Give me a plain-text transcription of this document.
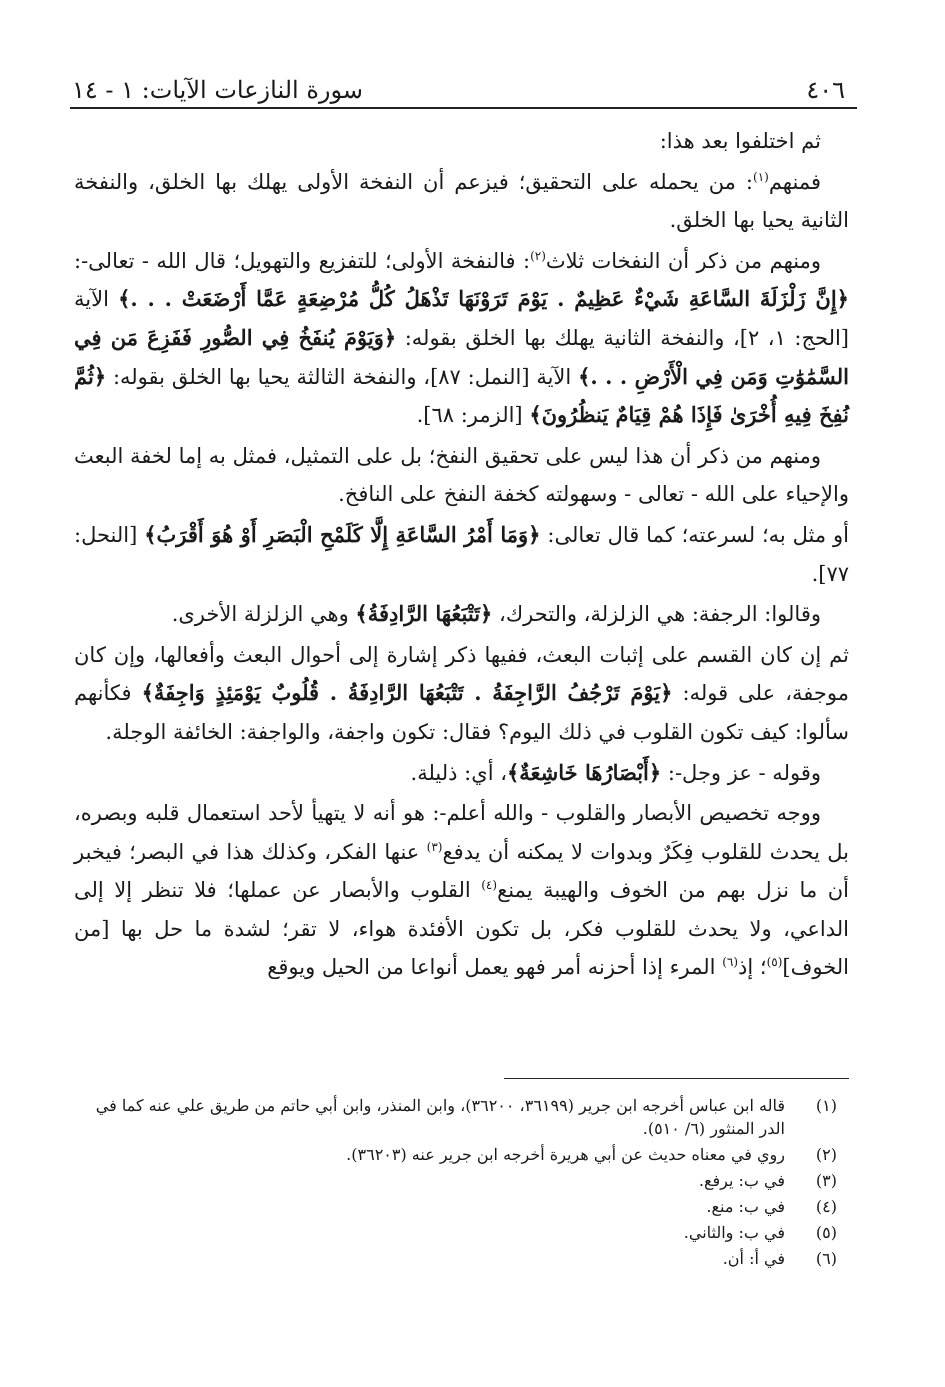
٤٠٦
سورة النازعات الآيات: ١ - ١٤

ثم اختلفوا بعد هذا:

فمنهم$^{(١)}$: من يحمله على التحقيق؛ فيزعم أن النفخة الأولى يهلك بها الخلق، والنفخة الثانية يحيا بها الخلق.

ومنهم من ذكر أن النفخات ثلاث$^{(٢)}$: فالنفخة الأولى؛ للتفزيع والتهويل؛ قال الله - تعالى-: ﴿إِنَّ زَلْزَلَةَ السَّاعَةِ شَيْءٌ عَظِيمٌ . يَوْمَ تَرَوْنَهَا تَذْهَلُ كُلُّ مُرْضِعَةٍ عَمَّا أَرْضَعَتْ . . .﴾ الآية [الحج: ١، ٢]، والنفخة الثانية يهلك بها الخلق بقوله: ﴿وَيَوْمَ يُنفَخُ فِي الصُّورِ فَفَزِعَ مَن فِي السَّمَٰوَٰتِ وَمَن فِي الْأَرْضِ . . .﴾ الآية [النمل: ٨٧]، والنفخة الثالثة يحيا بها الخلق بقوله: ﴿ثُمَّ نُفِخَ فِيهِ أُخْرَىٰ فَإِذَا هُمْ قِيَامٌ يَنظُرُونَ﴾ [الزمر: ٦٨].

ومنهم من ذكر أن هذا ليس على تحقيق النفخ؛ بل على التمثيل، فمثل به إما لخفة البعث والإحياء على الله - تعالى - وسهولته كخفة النفخ على النافخ.

أو مثل به؛ لسرعته؛ كما قال تعالى: ﴿وَمَا أَمْرُ السَّاعَةِ إِلَّا كَلَمْحِ الْبَصَرِ أَوْ هُوَ أَقْرَبُ﴾ [النحل: ٧٧].

وقالوا: الرجفة: هي الزلزلة، والتحرك، ﴿تَتْبَعُهَا الرَّادِفَةُ﴾ وهي الزلزلة الأخرى.

ثم إن كان القسم على إثبات البعث، ففيها ذكر إشارة إلى أحوال البعث وأفعالها، وإن كان موجفة، على قوله: ﴿يَوْمَ تَرْجُفُ الرَّاجِفَةُ . تَتْبَعُهَا الرَّادِفَةُ . قُلُوبٌ يَوْمَئِذٍ وَاجِفَةٌ﴾ فكأنهم سألوا: كيف تكون القلوب في ذلك اليوم؟ فقال: تكون واجفة، والواجفة: الخائفة الوجلة.

وقوله - عز وجل-: ﴿أَبْصَارُهَا خَاشِعَةٌ﴾، أي: ذليلة.

ووجه تخصيص الأبصار والقلوب - والله أعلم-: هو أنه لا يتهيأ لأحد استعمال قلبه وبصره، بل يحدث للقلوب فِكَرٌ وبدوات لا يمكنه أن يدفع$^{(٣)}$ عنها الفكر، وكذلك هذا في البصر؛ فيخبر أن ما نزل بهم من الخوف والهيبة يمنع$^{(٤)}$ القلوب والأبصار عن عملها؛ فلا تنظر إلا إلى الداعي، ولا يحدث للقلوب فكر، بل تكون الأفئدة هواء، لا تقر؛ لشدة ما حل بها [من الخوف]$^{(٥)}$؛ إذ$^{(٦)}$ المرء إذا أحزنه أمر فهو يعمل أنواعا من الحيل ويوقع

(١)
قاله ابن عباس أخرجه ابن جرير (٣٦١٩٩، ٣٦٢٠٠)، وابن المنذر، وابن أبي حاتم من طريق علي عنه كما في الدر المنثور (٦/ ٥١٠).
(٢)
روي في معناه حديث عن أبي هريرة أخرجه ابن جرير عنه (٣٦٢٠٣).
(٣)
في ب: يرفع.
(٤)
في ب: منع.
(٥)
في ب: والثاني.
(٦)
في أ: أن.
